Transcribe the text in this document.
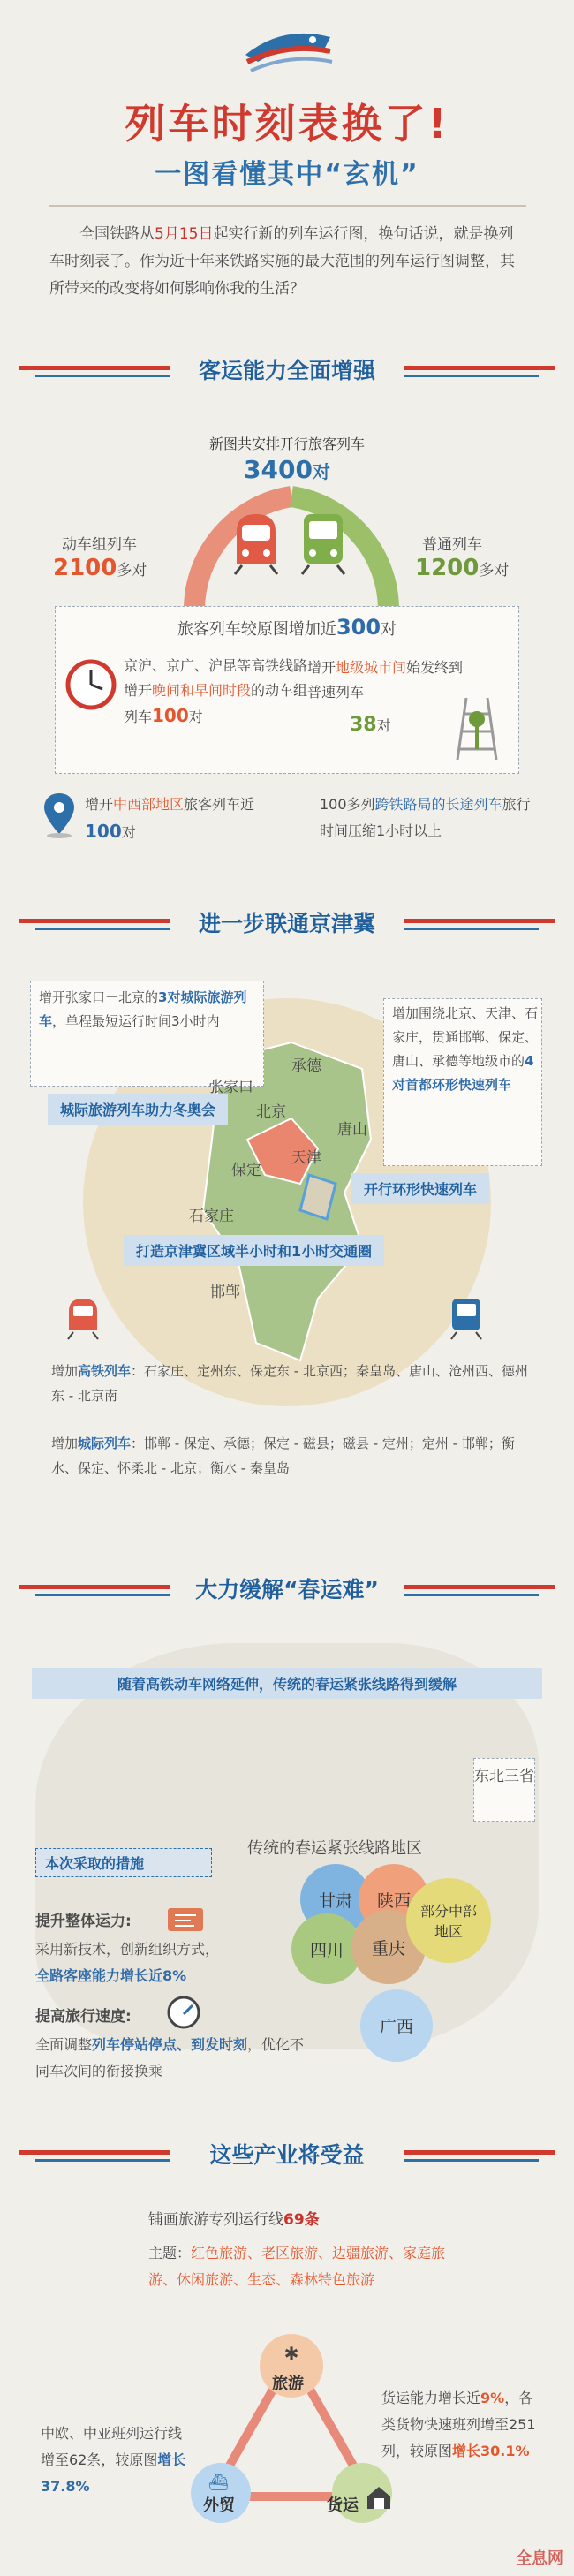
列车时刻表换了!
一图看懂其中“玄机”
全国铁路从5月15日起实行新的列车运行图，换句话说，就是换列车时刻表了。作为近十年来铁路实施的最大范围的列车运行图调整，其所带来的改变将如何影响你我的生活？
客运能力全面增强
新图共安排开行旅客列车
3400对
动车组列车
2100多对
普通列车
1200多对
旅客列车较原图增加近300对
京沪、京广、沪昆等高铁线路增开晚间和早间时段的动车组列车100对
增开地级城市间始发终到普速列车
38对
增开中西部地区旅客列车近100对
100多列跨铁路局的长途列车旅行时间压缩1小时以上
进一步联通京津冀
增开张家口－北京的3对城际旅游列车，单程最短运行时间3小时内	增加围绕北京、天津、石家庄，贯通邯郸、保定、唐山、承德等地级市的4对首都环形快速列车
城际旅游列车助力冬奥会
开行环形快速列车
打造京津冀区域半小时和1小时交通圈
承德
张家口
北京
唐山
天津
保定
石家庄
邯郸
增加高铁列车：石家庄、定州东、保定东 - 北京西；秦皇岛、唐山、沧州西、德州东 - 北京南
增加城际列车：邯郸 - 保定、承德；保定 - 磁县；磁县 - 定州；定州 - 邯郸；衡水、保定、怀柔北 - 北京；衡水 - 秦皇岛
大力缓解“春运难”
随着高铁动车网络延伸，传统的春运紧张线路得到缓解
东北三省
传统的春运紧张线路地区
本次采取的措施
甘肃	陕西
四川	重庆
部分中部地区
广西
提升整体运力:
采用新技术，创新组织方式，
全路客座能力增长近8%
提高旅行速度:
全面调整列车停站停点、到发时刻，优化不同车次间的衔接换乘
这些产业将受益
铺画旅游专列运行线69条
主题：红色旅游、老区旅游、边疆旅游、家庭旅游、休闲旅游、生态、森林特色旅游
✱
旅游
⛴
外贸	货运
中欧、中亚班列运行线增至62条，较原图增长37.8%
货运能力增长近9%，各类货物快速班列增至251列，较原图增长30.1%
全息网
